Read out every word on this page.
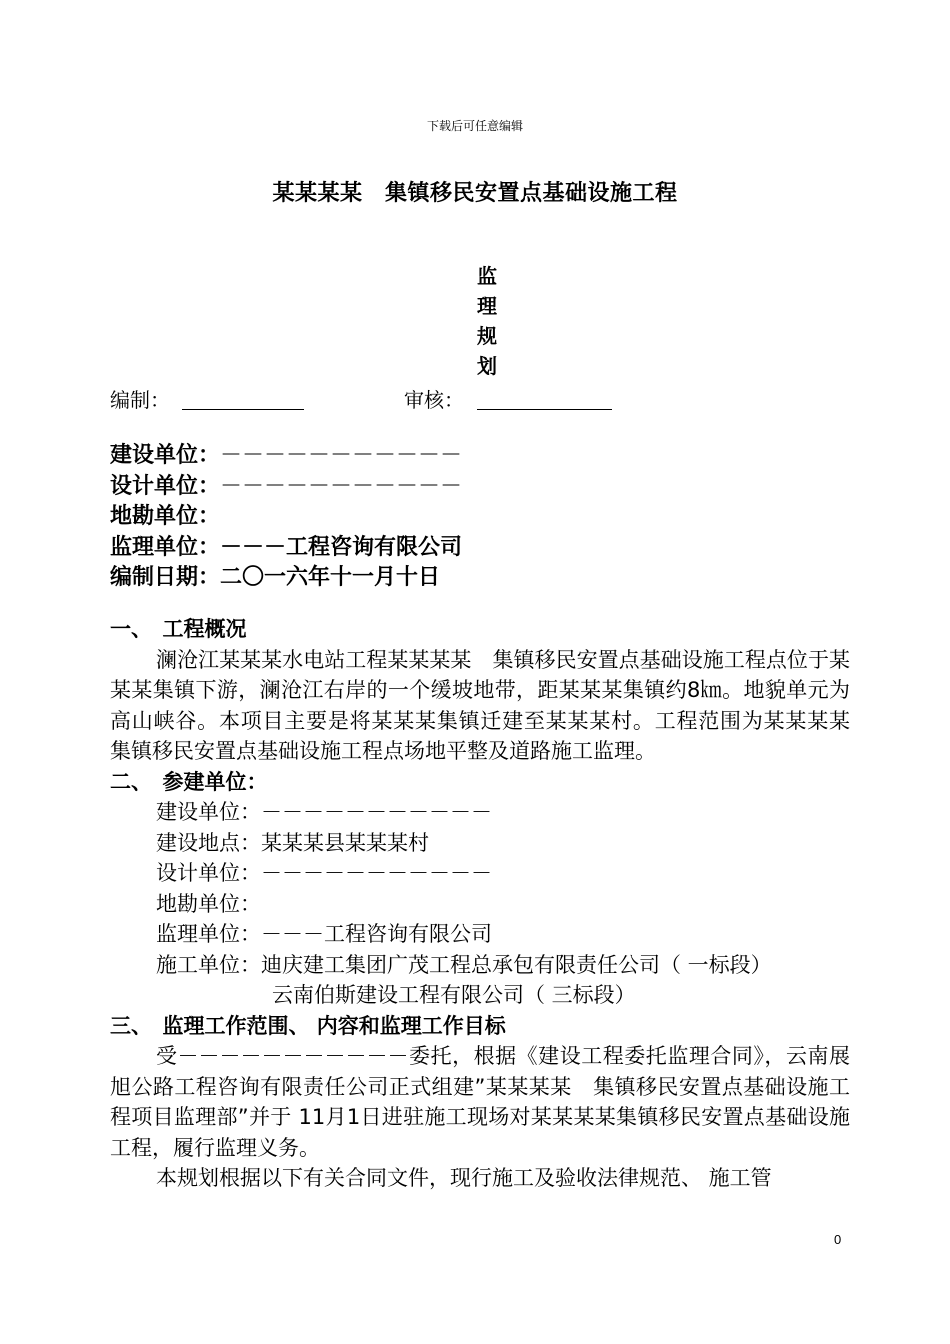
下载后可任意编辑
某某某某　集镇移民安置点基础设施工程
监
理
规
划
编制：	审核：
建设单位：－－－－－－－－－－－
设计单位：－－－－－－－－－－－
地勘单位：
监理单位：－－－工程咨询有限公司
编制日期：二〇一六年十一月十日
一、　工程概况
澜沧江某某某水电站工程某某某某　集镇移民安置点基础设施工程点位于某某某集镇下游，澜沧江右岸的一个缓坡地带，距某某某集镇约8㎞。地貌单元为高山峡谷。本项目主要是将某某某集镇迁建至某某某村。工程范围为某某某某　集镇移民安置点基础设施工程点场地平整及道路施工监理。
二、　参建单位：
建设单位：－－－－－－－－－－－
建设地点：某某某县某某某村
设计单位：－－－－－－－－－－－
地勘单位：
监理单位：－－－工程咨询有限公司
施工单位：迪庆建工集团广茂工程总承包有限责任公司（ 一标段）
云南伯斯建设工程有限公司（ 三标段）
三、　监理工作范围、 内容和监理工作目标
受－－－－－－－－－－－委托，根据《建设工程委托监理合同》，云南展旭公路工程咨询有限责任公司正式组建”某某某某　集镇移民安置点基础设施工程项目监理部”并于 11月1日进驻施工现场对某某某某集镇移民安置点基础设施工程，履行监理义务。
本规划根据以下有关合同文件，现行施工及验收法律规范、 施工管
0
